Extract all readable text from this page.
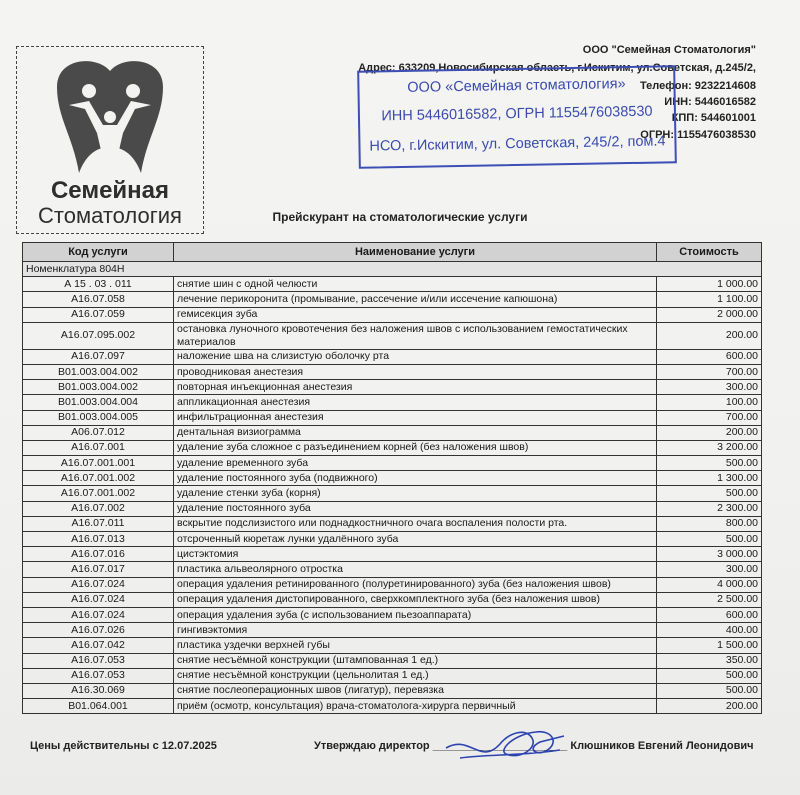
Семейная
Стоматология
ООО "Семейная Стоматология"
Адрес: 633209,Новосибирская область, г.Искитим, ул.Советская, д.245/2,
Телефон: 9232214608
ИНН: 5446016582
КПП: 544601001
ОГРН: 1155476038530
ООО «Семейная стоматология»
ИНН 5446016582, ОГРН 1155476038530
НСО, г.Искитим, ул. Советская, 245/2, пом.4
Прейскурант на стоматологические услуги
Код услуги	Наименование услуги	Стоимость
Номенклатура 804Н		
А 15 . 03 . 011	снятие шин с одной челюсти	1 000.00
А16.07.058	лечение перикоронита (промывание, рассечение и/или иссечение капюшона)	1 100.00
А16.07.059	гемисекция зуба	2 000.00
А16.07.095.002	остановка луночного кровотечения без наложения швов с использованием гемостатических материалов	200.00
А16.07.097	наложение шва на слизистую оболочку рта	600.00
В01.003.004.002	проводниковая анестезия	700.00
В01.003.004.002	повторная инъекционная анестезия	300.00
В01.003.004.004	аппликационная анестезия	100.00
В01.003.004.005	инфильтрационная анестезия	700.00
А06.07.012	дентальная визиограмма	200.00
А16.07.001	удаление зуба сложное с разъединением корней (без наложения швов)	3 200.00
А16.07.001.001	удаление временного зуба	500.00
А16.07.001.002	удаление постоянного зуба (подвижного)	1 300.00
А16.07.001.002	удаление стенки зуба (корня)	500.00
А16.07.002	удаление постоянного зуба	2 300.00
А16.07.011	вскрытие подслизистого или поднадкостничного очага воспаления полости рта.	800.00
А16.07.013	отсроченный кюретаж лунки удалённого зуба	500.00
А16.07.016	цистэктомия	3 000.00
А16.07.017	пластика альвеолярного отростка	300.00
А16.07.024	операция удаления ретинированного (полуретинированного) зуба (без наложения швов)	4 000.00
А16.07.024	операция удаления дистопированного, сверхкомплектного зуба (без наложения швов)	2 500.00
А16.07.024	операция удаления зуба (с использованием пьезоаппарата)	600.00
А16.07.026	гингивэктомия	400.00
А16.07.042	пластика уздечки верхней губы	1 500.00
А16.07.053	снятие несъёмной конструкции (штампованная 1 ед.)	350.00
А16.07.053	снятие несъёмной конструкции (цельнолитая 1 ед.)	500.00
А16.30.069	снятие послеоперационных швов (лигатур), перевязка	500.00
В01.064.001	приём (осмотр, консультация) врача-стоматолога-хирурга первичный	200.00
Цены действительны с 12.07.2025	Утверждаю директор ______________________ Клюшников Евгений Леонидович
